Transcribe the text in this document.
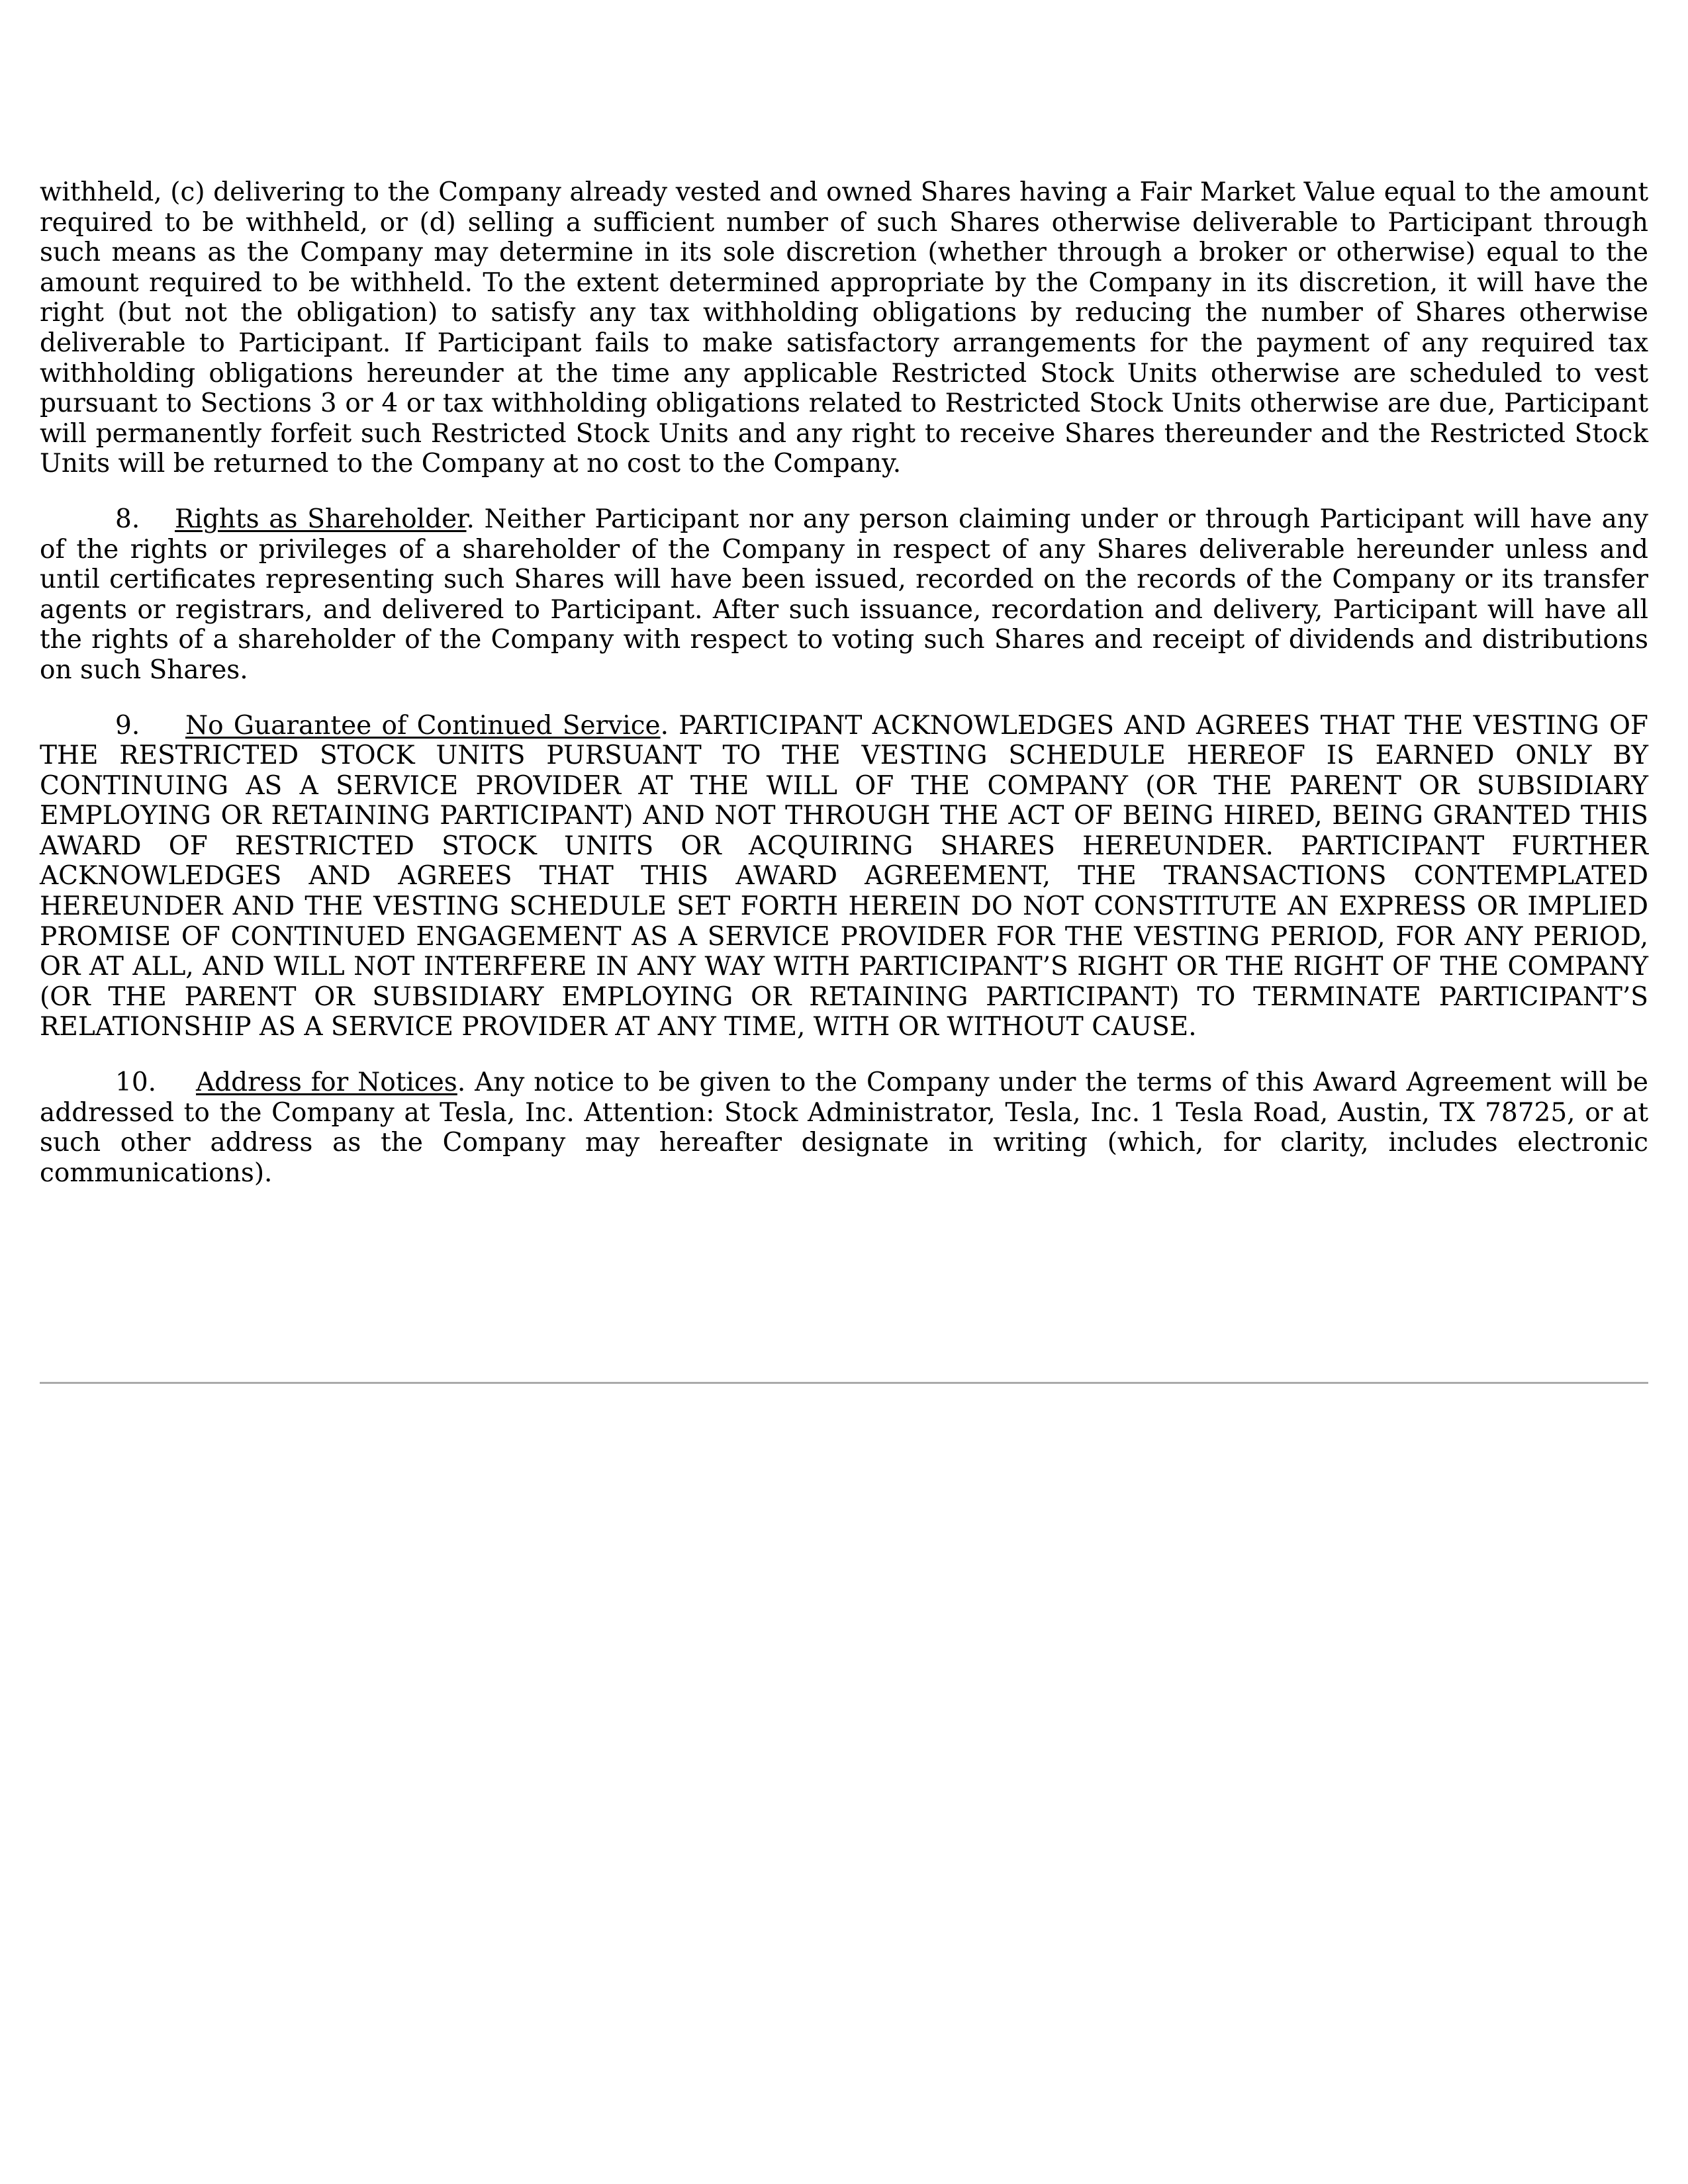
withheld, (c) delivering to the Company already vested and owned Shares having a Fair Market Value equal to the amount required to be withheld, or (d) selling a sufficient number of such Shares otherwise deliverable to Participant through such means as the Company may determine in its sole discretion (whether through a broker or otherwise) equal to the amount required to be withheld. To the extent determined appropriate by the Company in its discretion, it will have the right (but not the obligation) to satisfy any tax withholding obligations by reducing the number of Shares otherwise deliverable to Participant. If Participant fails to make satisfactory arrangements for the payment of any required tax withholding obligations hereunder at the time any applicable Restricted Stock Units otherwise are scheduled to vest pursuant to Sections 3 or 4 or tax withholding obligations related to Restricted Stock Units otherwise are due, Participant will permanently forfeit such Restricted Stock Units and any right to receive Shares thereunder and the Restricted Stock Units will be returned to the Company at no cost to the Company.

8. Rights as Shareholder. Neither Participant nor any person claiming under or through Participant will have any of the rights or privileges of a shareholder of the Company in respect of any Shares deliverable hereunder unless and until certificates representing such Shares will have been issued, recorded on the records of the Company or its transfer agents or registrars, and delivered to Participant. After such issuance, recordation and delivery, Participant will have all the rights of a shareholder of the Company with respect to voting such Shares and receipt of dividends and distributions on such Shares.

9. No Guarantee of Continued Service. PARTICIPANT ACKNOWLEDGES AND AGREES THAT THE VESTING OF THE RESTRICTED STOCK UNITS PURSUANT TO THE VESTING SCHEDULE HEREOF IS EARNED ONLY BY CONTINUING AS A SERVICE PROVIDER AT THE WILL OF THE COMPANY (OR THE PARENT OR SUBSIDIARY EMPLOYING OR RETAINING PARTICIPANT) AND NOT THROUGH THE ACT OF BEING HIRED, BEING GRANTED THIS AWARD OF RESTRICTED STOCK UNITS OR ACQUIRING SHARES HEREUNDER. PARTICIPANT FURTHER ACKNOWLEDGES AND AGREES THAT THIS AWARD AGREEMENT, THE TRANSACTIONS CONTEMPLATED HEREUNDER AND THE VESTING SCHEDULE SET FORTH HEREIN DO NOT CONSTITUTE AN EXPRESS OR IMPLIED PROMISE OF CONTINUED ENGAGEMENT AS A SERVICE PROVIDER FOR THE VESTING PERIOD, FOR ANY PERIOD, OR AT ALL, AND WILL NOT INTERFERE IN ANY WAY WITH PARTICIPANT’S RIGHT OR THE RIGHT OF THE COMPANY (OR THE PARENT OR SUBSIDIARY EMPLOYING OR RETAINING PARTICIPANT) TO TERMINATE PARTICIPANT’S RELATIONSHIP AS A SERVICE PROVIDER AT ANY TIME, WITH OR WITHOUT CAUSE.

10. Address for Notices. Any notice to be given to the Company under the terms of this Award Agreement will be addressed to the Company at Tesla, Inc. Attention: Stock Administrator, Tesla, Inc. 1 Tesla Road, Austin, TX 78725, or at such other address as the Company may hereafter designate in writing (which, for clarity, includes electronic communications).
